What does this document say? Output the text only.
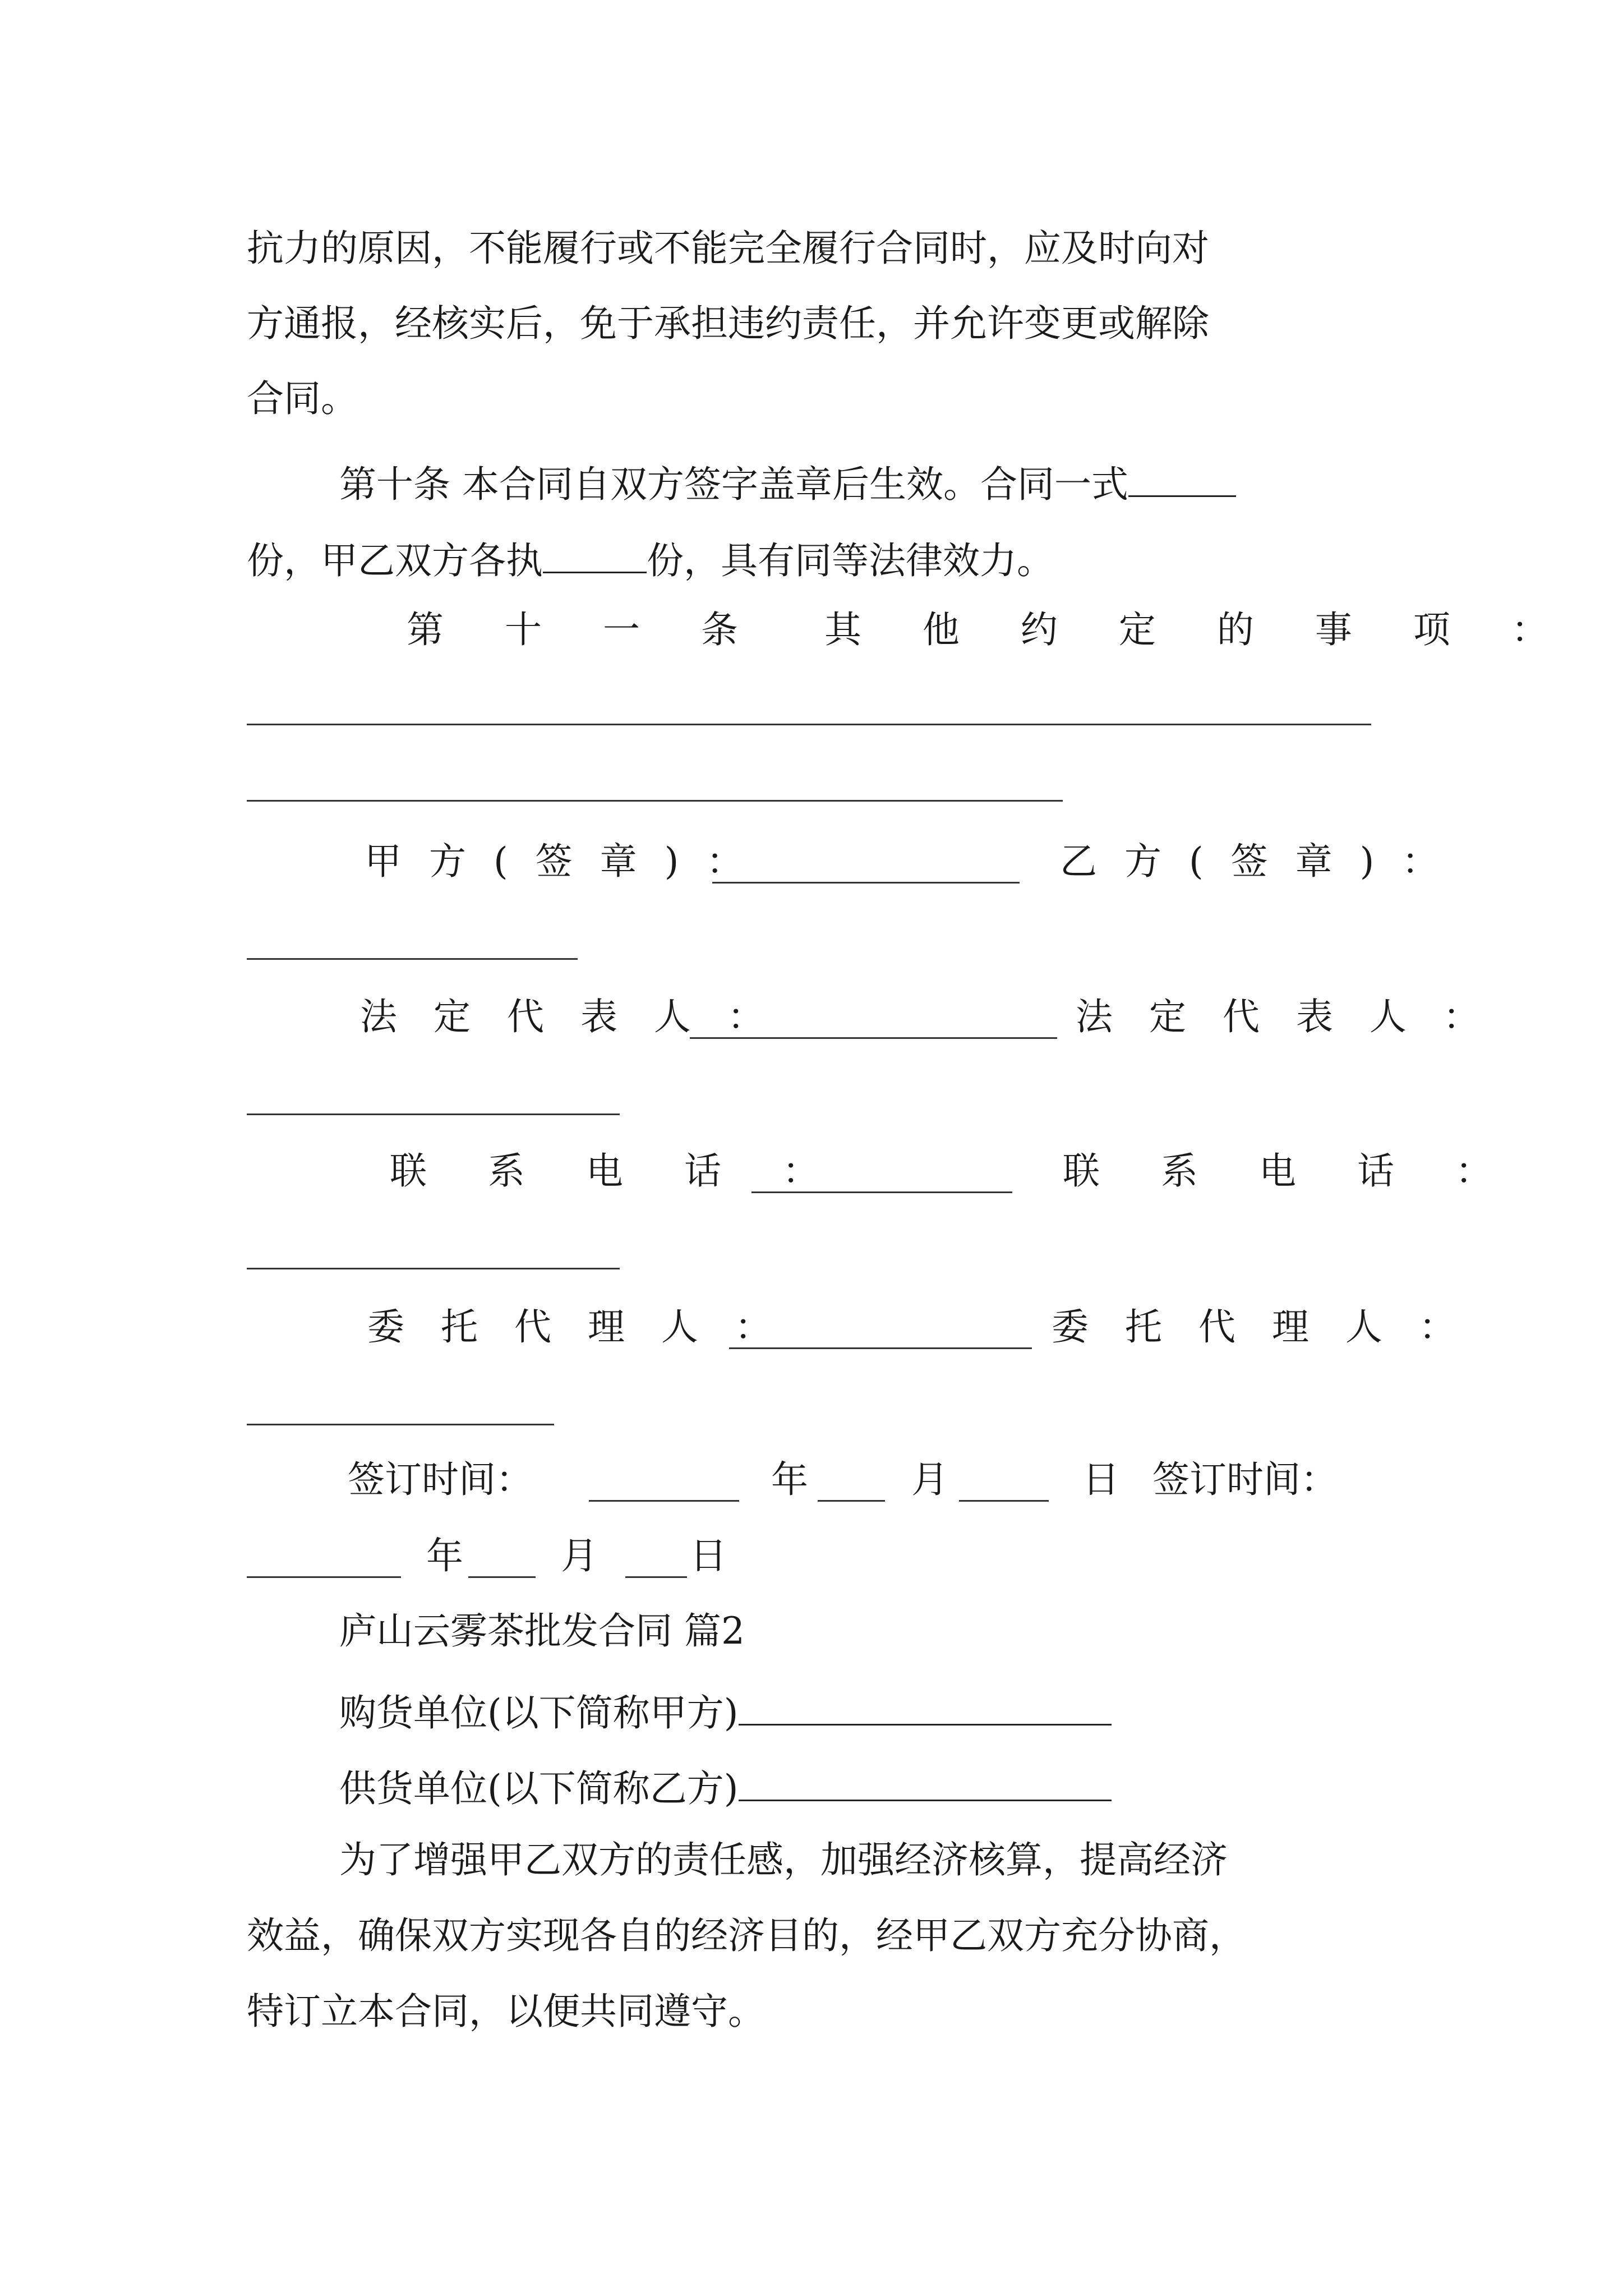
抗力的原因，不能履行或不能完全履行合同时，应及时向对
方通报，经核实后，免于承担违约责任，并允许变更或解除
合同。
第十条 本合同自双方签字盖章后生效。合同一式
份，甲乙双方各执	份，具有同等法律效力。
第 十 一 条　其 他 约 定 的 事 项 ：
甲 方 ( 签 章 ) ：	乙 方 ( 签 章 ) ：
法 定 代 表 人 ：	法 定 代 表 人 ：
联 系 电 话 ：	联 系 电 话 ：
委 托 代 理 人 ：	委 托 代 理 人 ：
签订时间：	年	月	日 签订时间：
年	月 日
庐山云雾茶批发合同 篇2
购货单位(以下简称甲方)
供货单位(以下简称乙方)
为了增强甲乙双方的责任感，加强经济核算，提高经济
效益，确保双方实现各自的经济目的，经甲乙双方充分协商，
特订立本合同，以便共同遵守。
